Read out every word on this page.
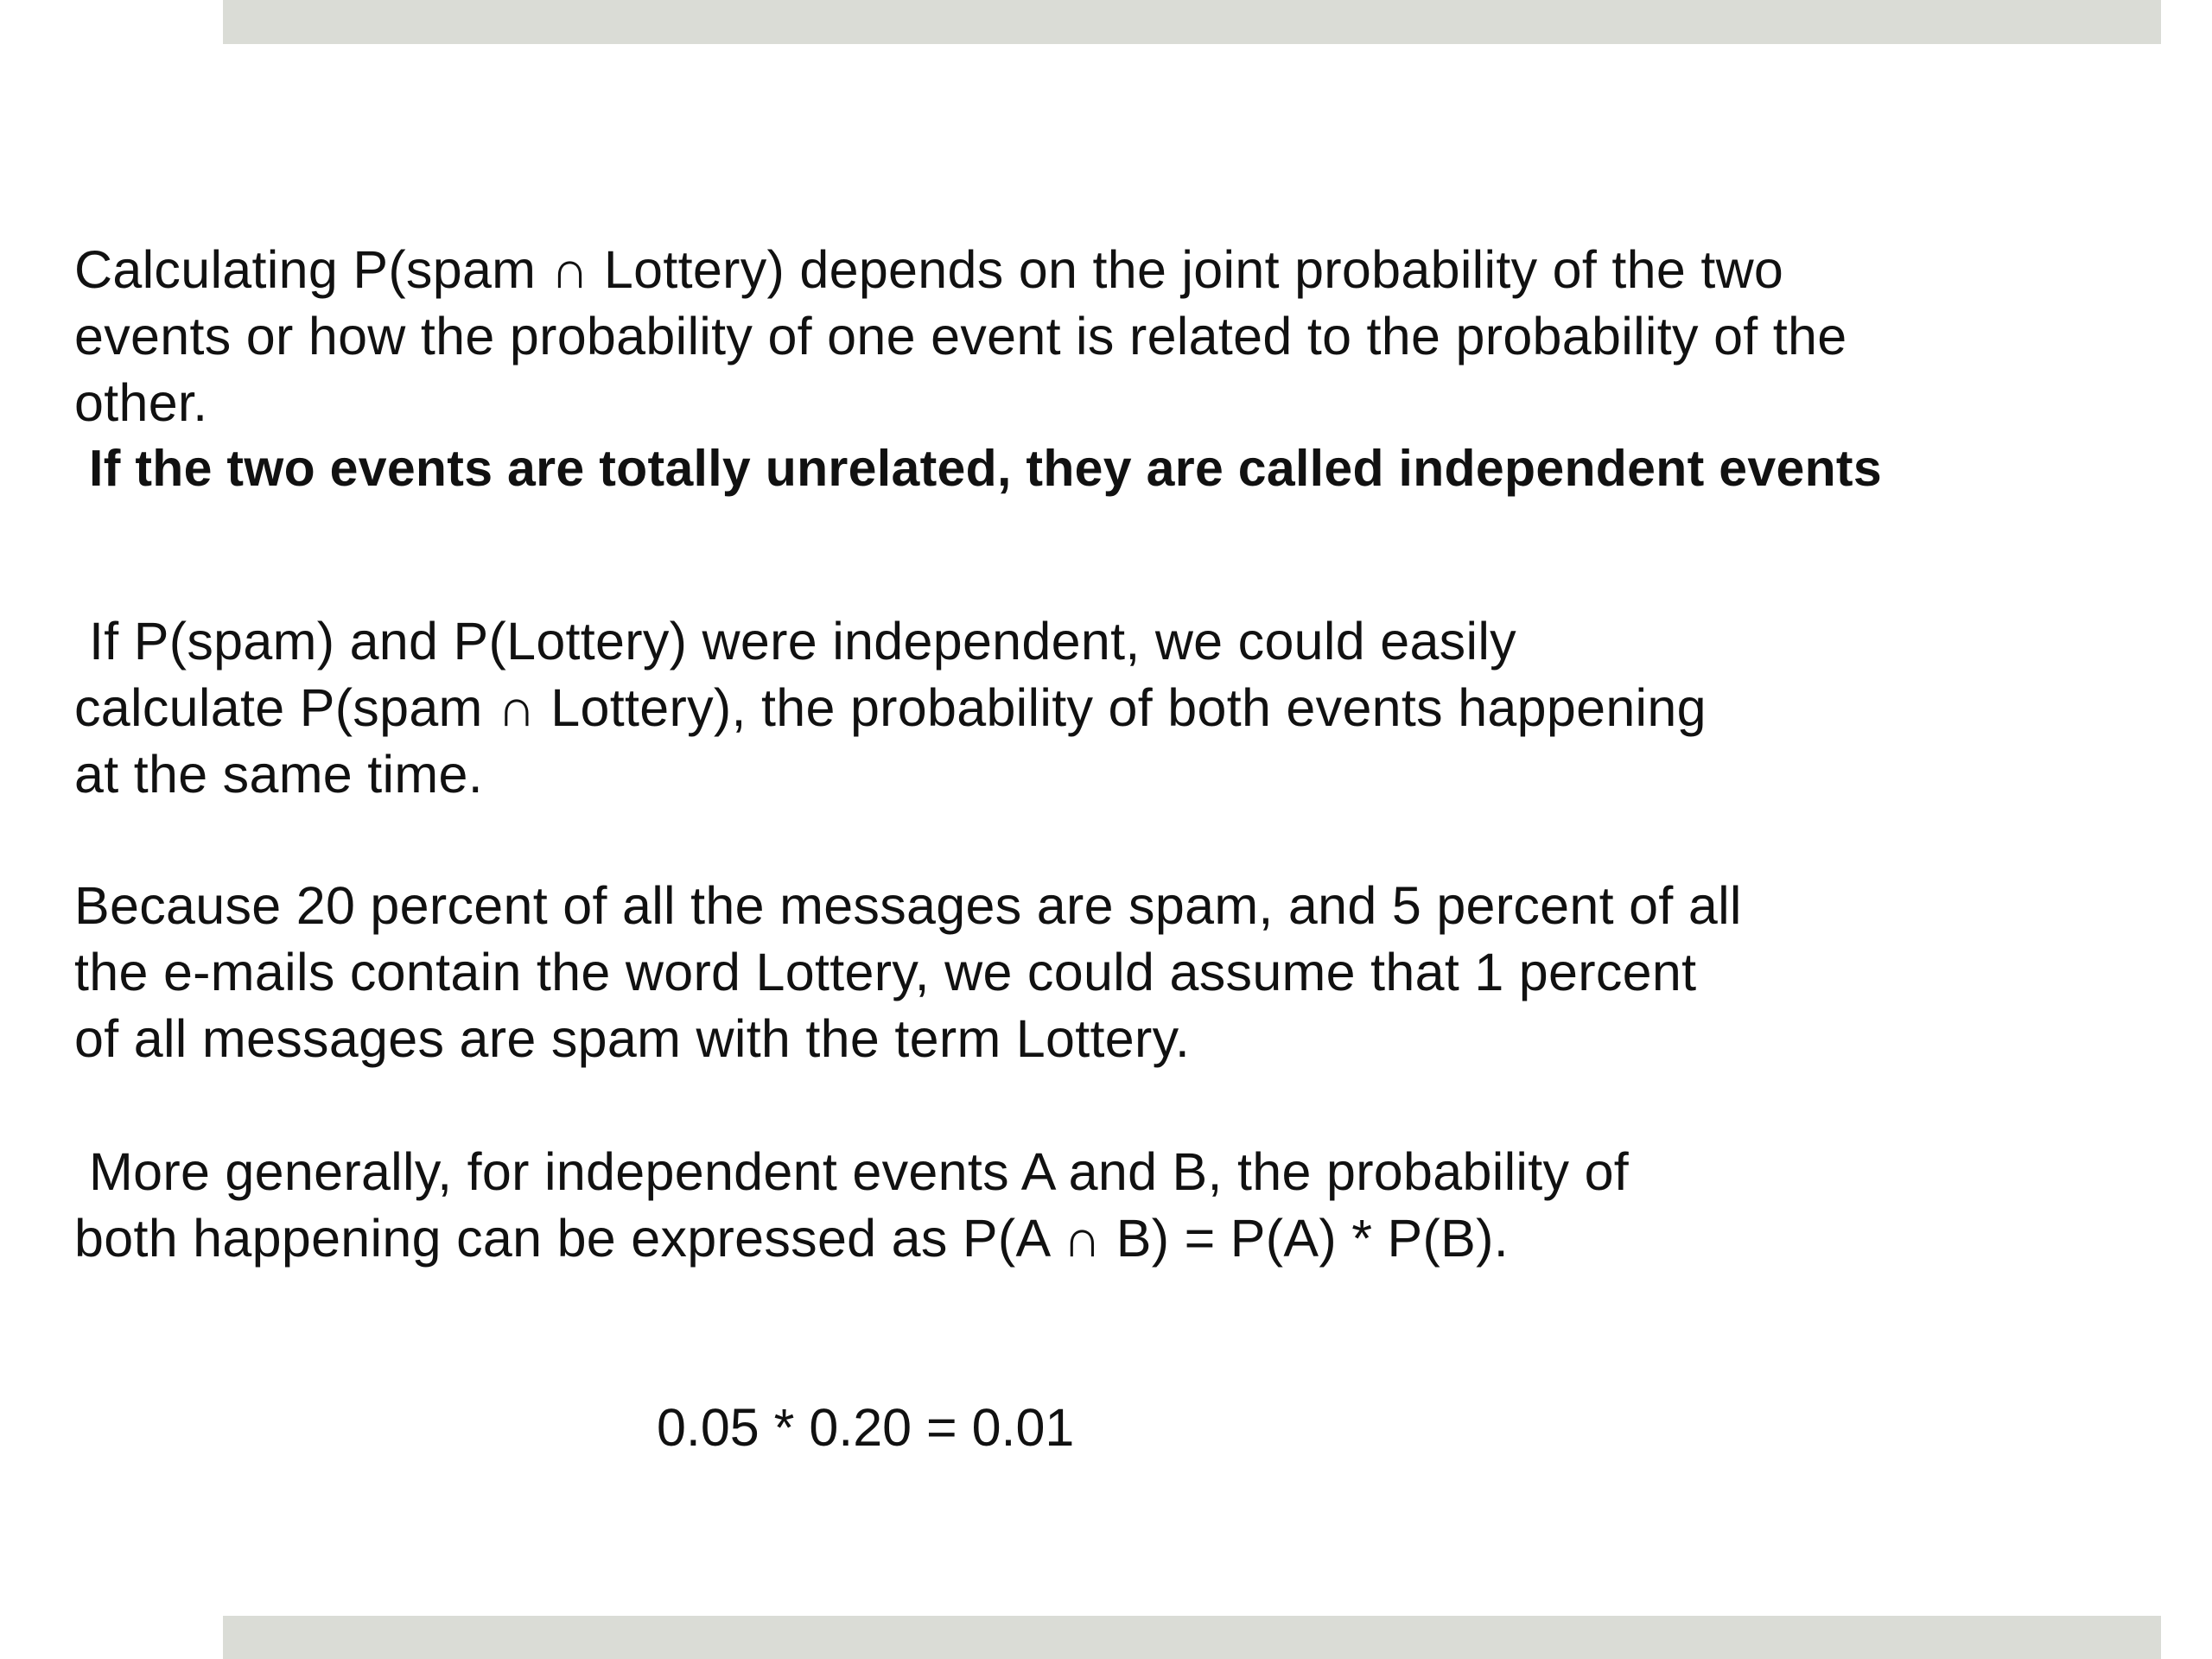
Calculating P(spam ∩ Lottery) depends on the joint probability of the two
events or how the probability of one event is related to the probability of the
other.

If the two events are totally unrelated, they are called independent events

If P(spam) and P(Lottery) were independent, we could easily
calculate P(spam ∩ Lottery), the probability of both events happening
at the same time.

Because 20 percent of all the messages are spam, and 5 percent of all
the e-mails contain the word Lottery, we could assume that 1 percent
of all messages are spam with the term Lottery.

More generally, for independent events A and B, the probability of
both happening can be expressed as P(A ∩ B) = P(A) * P(B).

0.05 * 0.20 = 0.01
